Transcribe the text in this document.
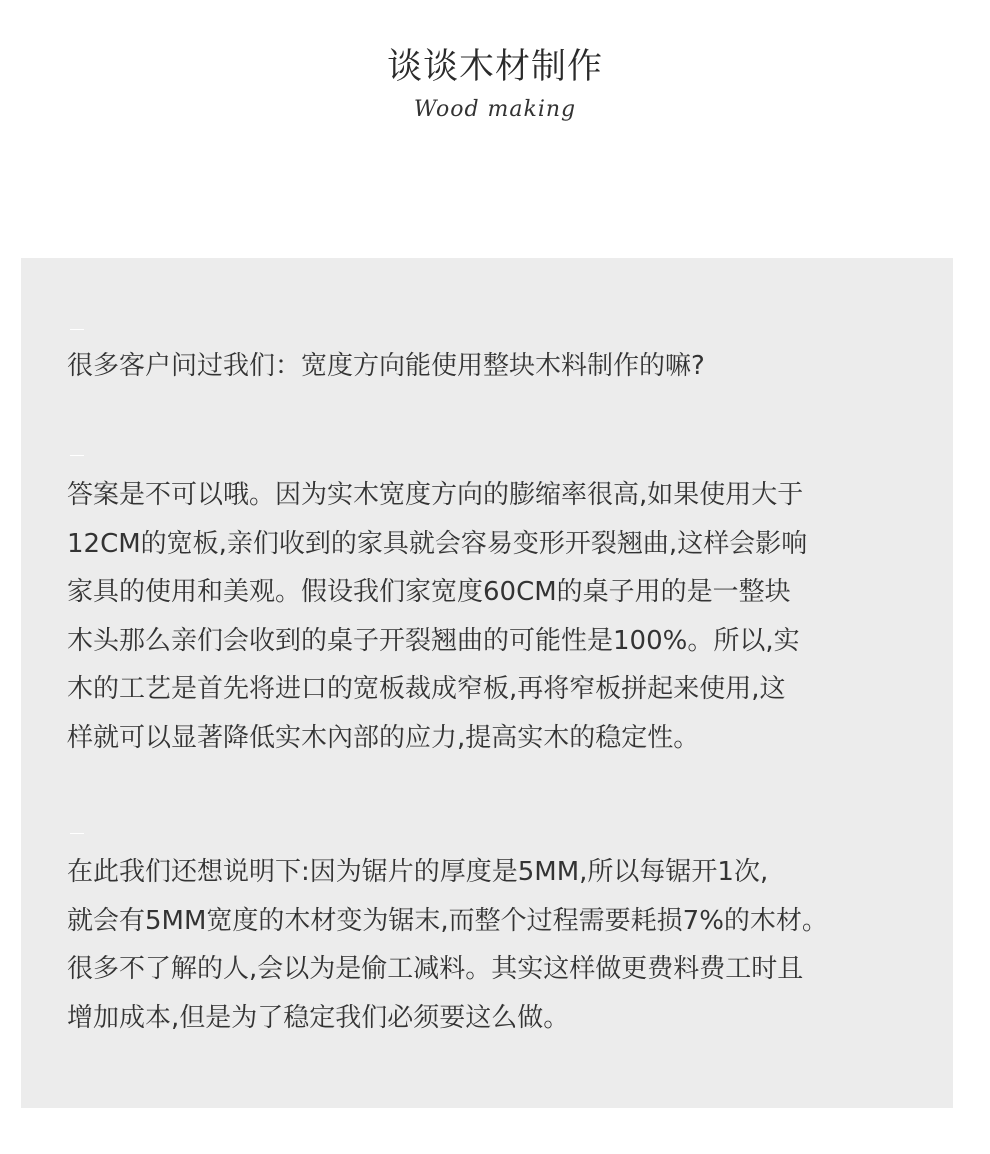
谈谈木材制作
Wood making

很多客户问过我们：宽度方向能使用整块木料制作的嘛?

答案是不可以哦。因为实木宽度方向的膨缩率很高,如果使用大于
12CM的宽板,亲们收到的家具就会容易变形开裂翘曲,这样会影响
家具的使用和美观。假设我们家宽度60CM的桌子用的是一整块
木头那么亲们会收到的桌子开裂翘曲的可能性是100%。所以,实
木的工艺是首先将进口的宽板裁成窄板,再将窄板拼起来使用,这
样就可以显著降低实木內部的应力,提高实木的稳定性。

在此我们还想说明下:因为锯片的厚度是5MM,所以每锯开1次,
就会有5MM宽度的木材变为锯末,而整个过程需要耗损7%的木材。
很多不了解的人,会以为是偷工减料。其实这样做更费料费工时且
增加成本,但是为了稳定我们必须要这么做。
